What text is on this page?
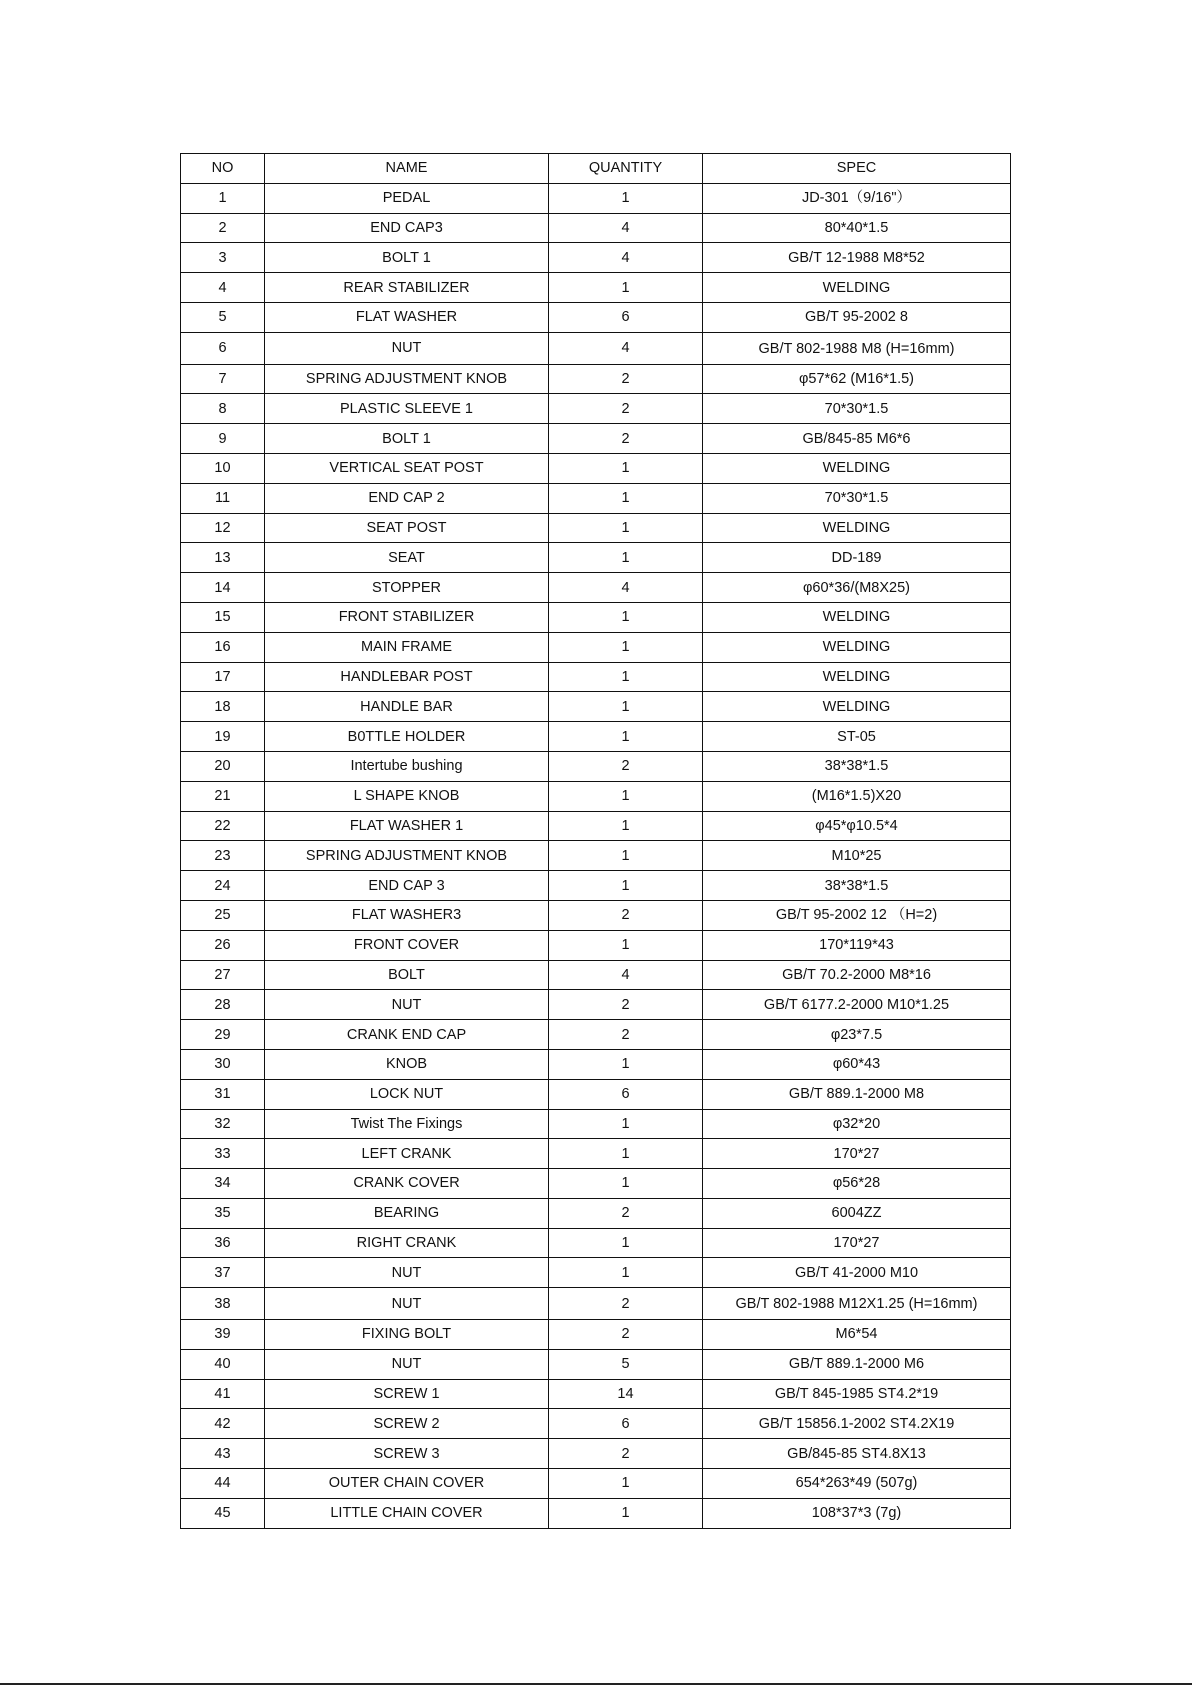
NO	NAME	QUANTITY	SPEC
1	PEDAL	1	JD-301（9/16"）
2	END CAP3	4	80*40*1.5
3	BOLT 1	4	GB/T 12-1988 M8*52
4	REAR STABILIZER	1	WELDING
5	FLAT WASHER	6	GB/T 95-2002 8
6	NUT	4	GB/T 802-1988 M8 (H=16mm)
7	SPRING ADJUSTMENT KNOB	2	φ57*62 (M16*1.5)
8	PLASTIC SLEEVE 1	2	70*30*1.5
9	BOLT 1	2	GB/845-85 M6*6
10	VERTICAL SEAT POST	1	WELDING
11	END CAP 2	1	70*30*1.5
12	SEAT POST	1	WELDING
13	SEAT	1	DD-189
14	STOPPER	4	φ60*36/(M8X25)
15	FRONT STABILIZER	1	WELDING
16	MAIN FRAME	1	WELDING
17	HANDLEBAR POST	1	WELDING
18	HANDLE BAR	1	WELDING
19	B0TTLE HOLDER	1	ST-05
20	Intertube bushing	2	38*38*1.5
21	L SHAPE KNOB	1	(M16*1.5)X20
22	FLAT WASHER 1	1	φ45*φ10.5*4
23	SPRING ADJUSTMENT KNOB	1	M10*25
24	END CAP 3	1	38*38*1.5
25	FLAT WASHER3	2	GB/T 95-2002 12 （H=2)
26	FRONT COVER	1	170*119*43
27	BOLT	4	GB/T 70.2-2000 M8*16
28	NUT	2	GB/T 6177.2-2000 M10*1.25
29	CRANK END CAP	2	φ23*7.5
30	KNOB	1	φ60*43
31	LOCK NUT	6	GB/T 889.1-2000 M8
32	Twist The Fixings	1	φ32*20
33	LEFT CRANK	1	170*27
34	CRANK COVER	1	φ56*28
35	BEARING	2	6004ZZ
36	RIGHT CRANK	1	170*27
37	NUT	1	GB/T 41-2000 M10
38	NUT	2	GB/T 802-1988 M12X1.25 (H=16mm)
39	FIXING BOLT	2	M6*54
40	NUT	5	GB/T 889.1-2000 M6
41	SCREW 1	14	GB/T 845-1985 ST4.2*19
42	SCREW 2	6	GB/T 15856.1-2002 ST4.2X19
43	SCREW 3	2	GB/845-85 ST4.8X13
44	OUTER CHAIN COVER	1	654*263*49 (507g)
45	LITTLE CHAIN COVER	1	108*37*3 (7g)
